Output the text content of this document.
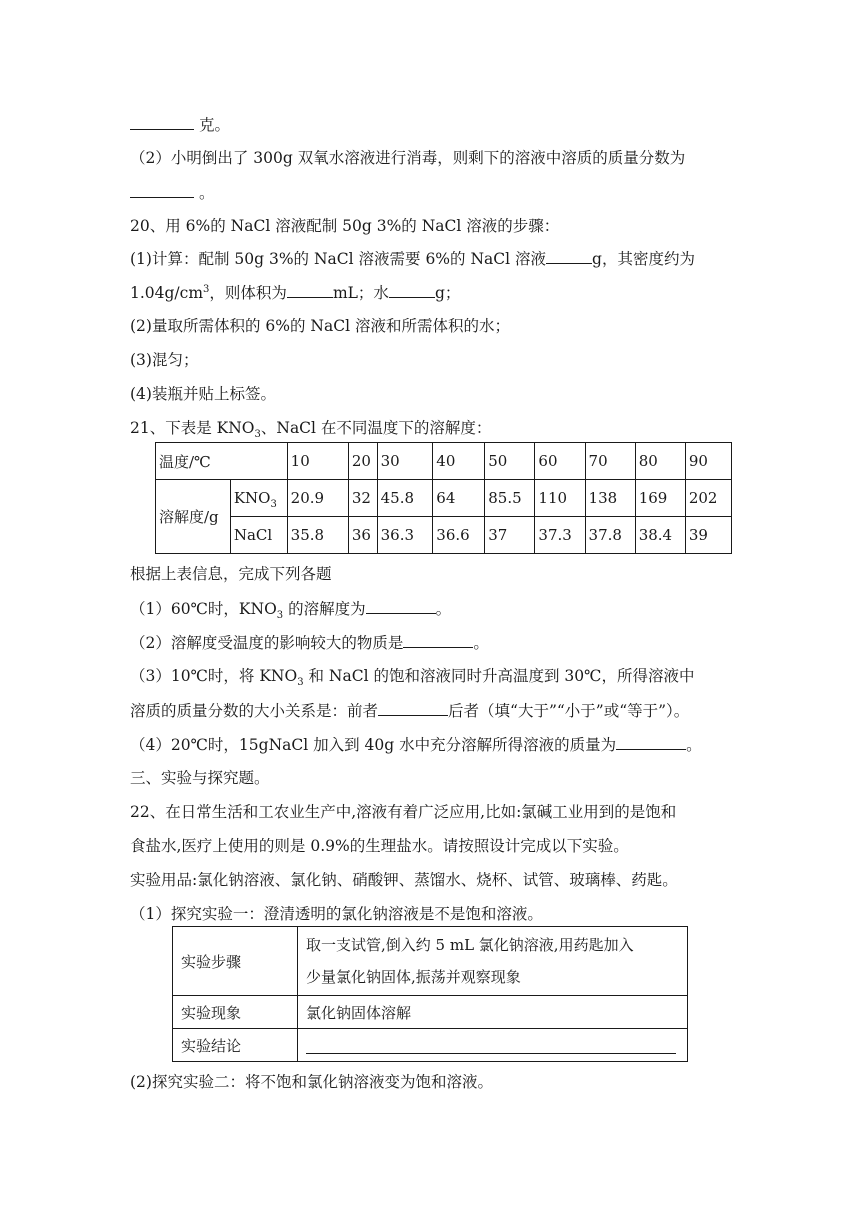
克。
（2）小明倒出了 300g 双氧水溶液进行消毒，则剩下的溶液中溶质的质量分数为
。
20、用 6%的 NaCl 溶液配制 50g 3%的 NaCl 溶液的步骤：
(1)计算：配制 50g 3%的 NaCl 溶液需要 6%的 NaCl 溶液	g，其密度约为
$1.04g/cm^3$，则体积为	mL；水	g；
(2)量取所需体积的 6%的 NaCl 溶液和所需体积的水；
(3)混匀；
(4)装瓶并贴上标签。
21、下表是 $KNO_3$、NaCl 在不同温度下的溶解度：
温度/℃		10	20	30	40	50	60	70	80	90
溶解度/g	$KNO_3$	20.9	32	45.8	64	85.5	110	138	169	202
	NaCl	35.8	36	36.3	36.6	37	37.3	37.8	38.4	39
根据上表信息，完成下列各题
（1）60℃时，$KNO_3$ 的溶解度为	。
（2）溶解度受温度的影响较大的物质是	。
（3）10℃时，将 $KNO_3$ 和 NaCl 的饱和溶液同时升高温度到 30℃，所得溶液中
溶质的质量分数的大小关系是：前者	后者（填“大于”“小于”或“等于”）。
（4）20℃时，15gNaCl 加入到 40g 水中充分溶解所得溶液的质量为	。
三、实验与探究题。
22、在日常生活和工农业生产中,溶液有着广泛应用,比如:氯碱工业用到的是饱和
食盐水,医疗上使用的则是 0.9%的生理盐水。请按照设计完成以下实验。
实验用品:氯化钠溶液、氯化钠、硝酸钾、蒸馏水、烧杯、试管、玻璃棒、药匙。
（1）探究实验一：澄清透明的氯化钠溶液是不是饱和溶液。
实验步骤	取一支试管,倒入约 5 mL 氯化钠溶液,用药匙加入
少量氯化钠固体,振荡并观察现象

实验现象	氯化钠固体溶解
实验结论	
(2)探究实验二：将不饱和氯化钠溶液变为饱和溶液。
